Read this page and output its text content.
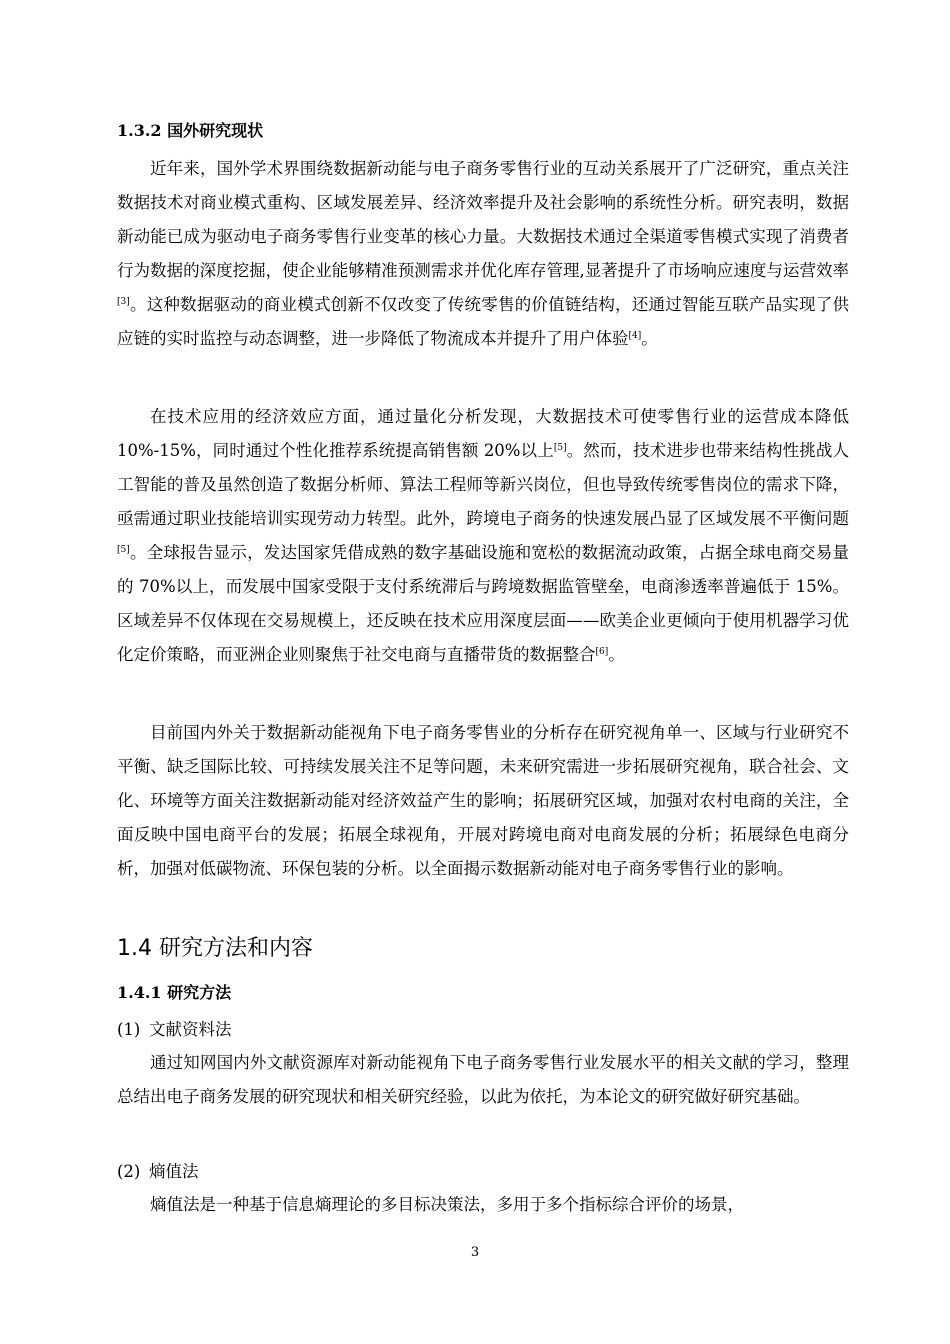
1.3.2 国外研究现状

近年来，国外学术界围绕数据新动能与电子商务零售行业的互动关系展开了广泛研究，重点关注数据技术对商业模式重构、区域发展差异、经济效率提升及社会影响的系统性分析。研究表明，数据新动能已成为驱动电子商务零售行业变革的核心力量。大数据技术通过全渠道零售模式实现了消费者行为数据的深度挖掘，使企业能够精准预测需求并优化库存管理,显著提升了市场响应速度与运营效率[3]。这种数据驱动的商业模式创新不仅改变了传统零售的价值链结构，还通过智能互联产品实现了供应链的实时监控与动态调整，进一步降低了物流成本并提升了用户体验[4]。

在技术应用的经济效应方面，通过量化分析发现，大数据技术可使零售行业的运营成本降低 10%-15%，同时通过个性化推荐系统提高销售额 20%以上[5]。然而，技术进步也带来结构性挑战人工智能的普及虽然创造了数据分析师、算法工程师等新兴岗位，但也导致传统零售岗位的需求下降，亟需通过职业技能培训实现劳动力转型。此外，跨境电子商务的快速发展凸显了区域发展不平衡问题[5]。全球报告显示，发达国家凭借成熟的数字基础设施和宽松的数据流动政策，占据全球电商交易量的 70%以上，而发展中国家受限于支付系统滞后与跨境数据监管壁垒，电商渗透率普遍低于 15%。区域差异不仅体现在交易规模上，还反映在技术应用深度层面——欧美企业更倾向于使用机器学习优化定价策略，而亚洲企业则聚焦于社交电商与直播带货的数据整合[6]。

目前国内外关于数据新动能视角下电子商务零售业的分析存在研究视角单一、区域与行业研究不平衡、缺乏国际比较、可持续发展关注不足等问题，未来研究需进一步拓展研究视角，联合社会、文化、环境等方面关注数据新动能对经济效益产生的影响；拓展研究区域，加强对农村电商的关注，全面反映中国电商平台的发展；拓展全球视角，开展对跨境电商对电商发展的分析；拓展绿色电商分析，加强对低碳物流、环保包装的分析。以全面揭示数据新动能对电子商务零售行业的影响。

1.4 研究方法和内容
1.4.1 研究方法
(1) 文献资料法

通过知网国内外文献资源库对新动能视角下电子商务零售行业发展水平的相关文献的学习，整理总结出电子商务发展的研究现状和相关研究经验，以此为依托，为本论文的研究做好研究基础。

(2) 熵值法

熵值法是一种基于信息熵理论的多目标决策法，多用于多个指标综合评价的场景，

3
